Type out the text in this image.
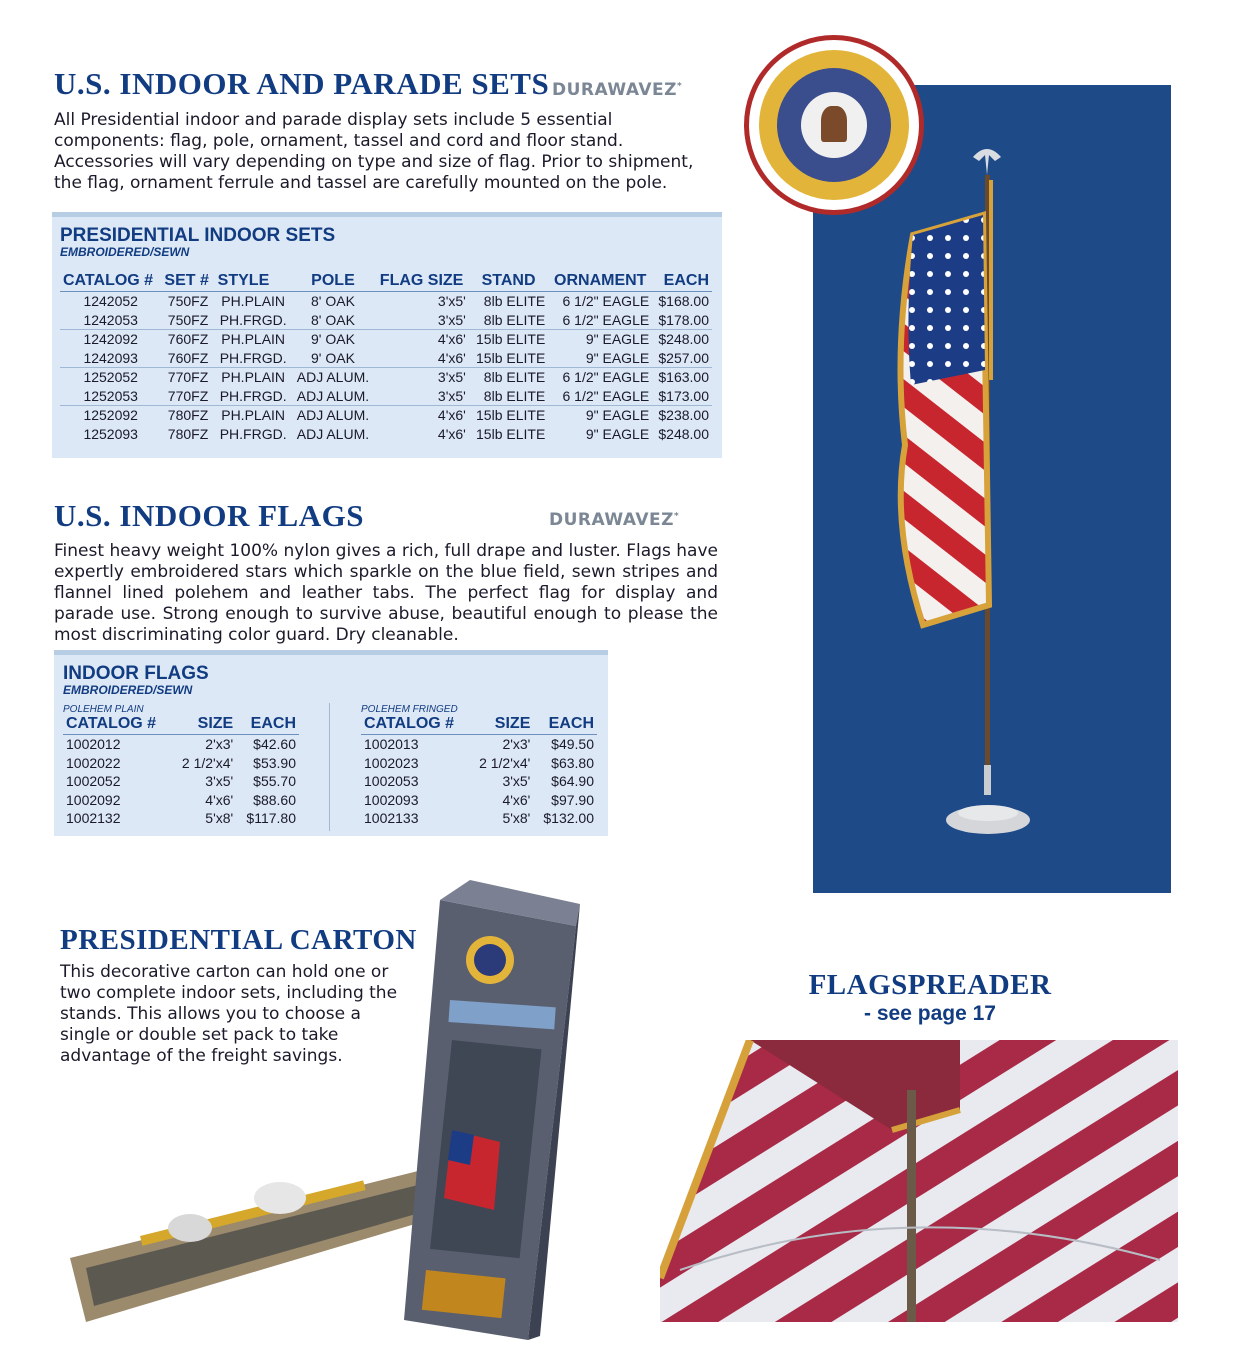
U.S. INDOOR AND PARADE SETS DURAWAVEZ*

All Presidential indoor and parade display sets include 5 essential components: flag, pole, ornament, tassel and cord and floor stand.

Accessories will vary depending on type and size of flag. Prior to shipment, the flag, ornament ferrule and tassel are carefully mounted on the pole.

PRESIDENTIAL INDOOR SETS
EMBROIDERED/SEWN
CATALOG #	SET #	STYLE	POLE	FLAG SIZE	STAND	ORNAMENT	EACH
1242052	750FZ	PH.PLAIN	8' OAK	3'x5'	8lb ELITE	6 1/2" EAGLE	$168.00
1242053	750FZ	PH.FRGD.	8' OAK	3'x5'	8lb ELITE	6 1/2" EAGLE	$178.00
1242092	760FZ	PH.PLAIN	9' OAK	4'x6'	15lb ELITE	9" EAGLE	$248.00
1242093	760FZ	PH.FRGD.	9' OAK	4'x6'	15lb ELITE	9" EAGLE	$257.00
1252052	770FZ	PH.PLAIN	ADJ ALUM.	3'x5'	8lb ELITE	6 1/2" EAGLE	$163.00
1252053	770FZ	PH.FRGD.	ADJ ALUM.	3'x5'	8lb ELITE	6 1/2" EAGLE	$173.00
1252092	780FZ	PH.PLAIN	ADJ ALUM.	4'x6'	15lb ELITE	9" EAGLE	$238.00
1252093	780FZ	PH.FRGD.	ADJ ALUM.	4'x6'	15lb ELITE	9" EAGLE	$248.00
U.S. INDOOR FLAGS	DURAWAVEZ*

Finest heavy weight 100% nylon gives a rich, full drape and luster. Flags have expertly embroidered stars which sparkle on the blue field, sewn stripes and flannel lined polehem and leather tabs. The perfect flag for display and parade use. Strong enough to survive abuse, beautiful enough to please the most discriminating color guard. Dry cleanable.

INDOOR FLAGS
EMBROIDERED/SEWN
POLEHEM PLAIN
CATALOG #	SIZE	EACH
1002012	2'x3'	$42.60
1002022	2 1/2'x4'	$53.90
1002052	3'x5'	$55.70
1002092	4'x6'	$88.60
1002132	5'x8'	$117.80
POLEHEM FRINGED
CATALOG #	SIZE	EACH
1002013	2'x3'	$49.50
1002023	2 1/2'x4'	$63.80
1002053	3'x5'	$64.90
1002093	4'x6'	$97.90
1002133	5'x8'	$132.00
PRESIDENTIAL CARTON

This decorative carton can hold one or two complete indoor sets, including the stands. This allows you to choose a single or double set pack to take advantage of the freight savings.

FLAGSPREADER
- see page 17
